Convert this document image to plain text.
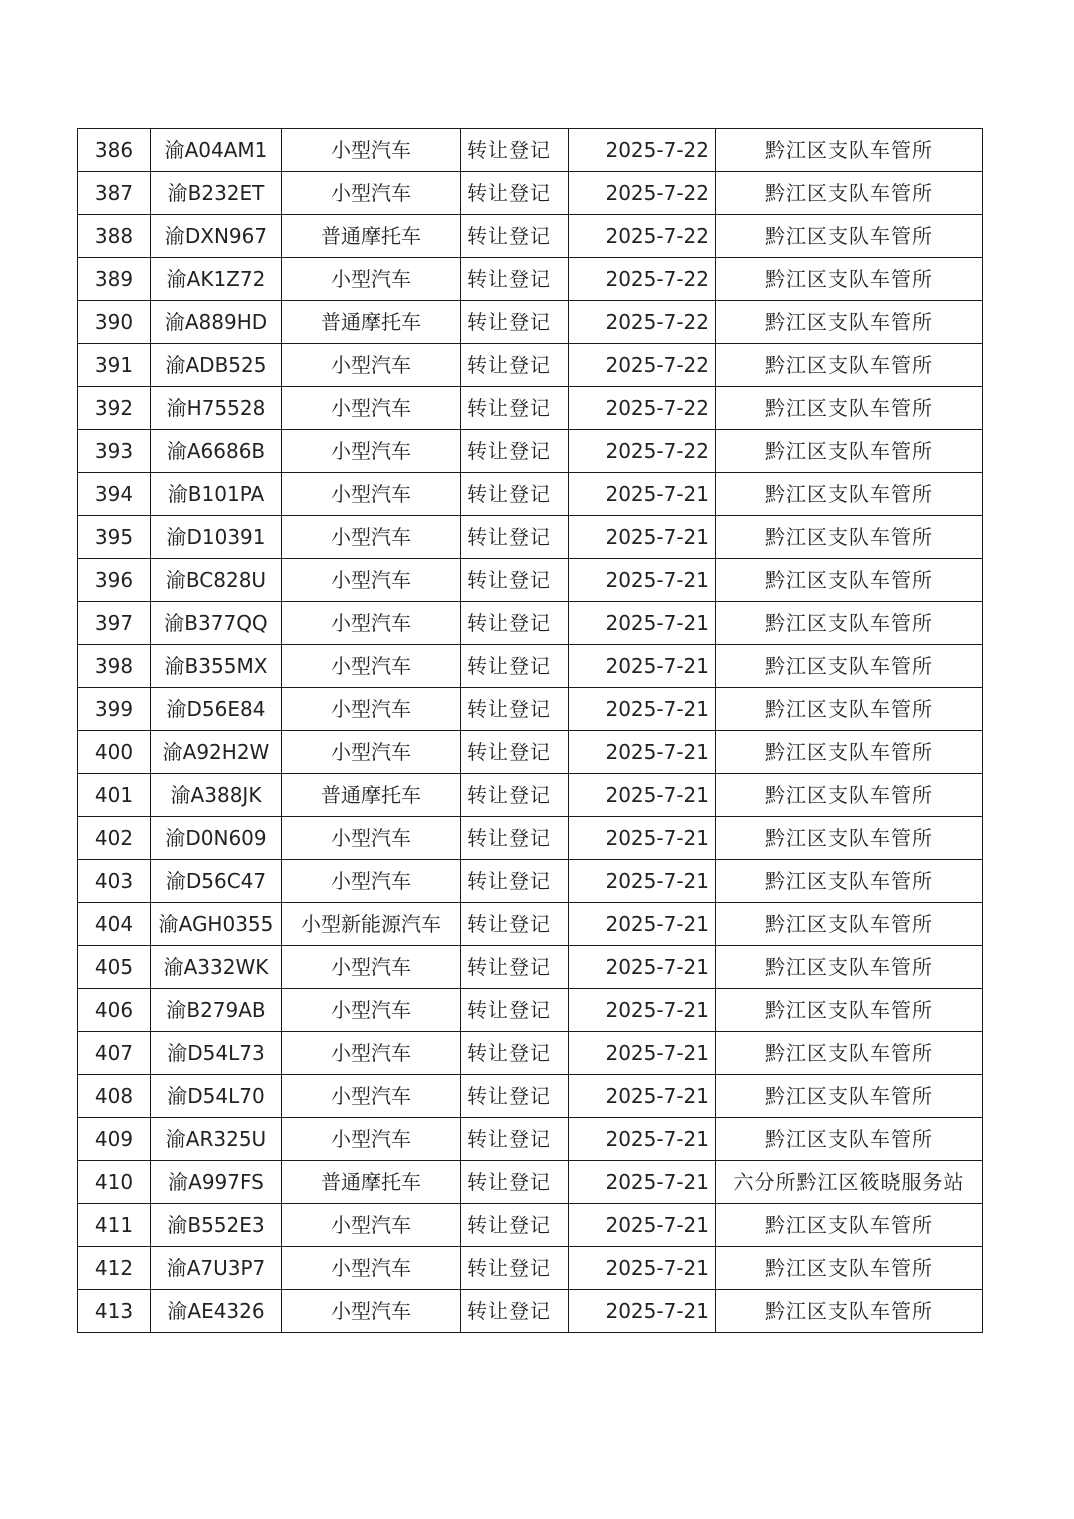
386	渝A04AM1	小型汽车	转让登记	2025-7-22	黔江区支队车管所
387	渝B232ET	小型汽车	转让登记	2025-7-22	黔江区支队车管所
388	渝DXN967	普通摩托车	转让登记	2025-7-22	黔江区支队车管所
389	渝AK1Z72	小型汽车	转让登记	2025-7-22	黔江区支队车管所
390	渝A889HD	普通摩托车	转让登记	2025-7-22	黔江区支队车管所
391	渝ADB525	小型汽车	转让登记	2025-7-22	黔江区支队车管所
392	渝H75528	小型汽车	转让登记	2025-7-22	黔江区支队车管所
393	渝A6686B	小型汽车	转让登记	2025-7-22	黔江区支队车管所
394	渝B101PA	小型汽车	转让登记	2025-7-21	黔江区支队车管所
395	渝D10391	小型汽车	转让登记	2025-7-21	黔江区支队车管所
396	渝BC828U	小型汽车	转让登记	2025-7-21	黔江区支队车管所
397	渝B377QQ	小型汽车	转让登记	2025-7-21	黔江区支队车管所
398	渝B355MX	小型汽车	转让登记	2025-7-21	黔江区支队车管所
399	渝D56E84	小型汽车	转让登记	2025-7-21	黔江区支队车管所
400	渝A92H2W	小型汽车	转让登记	2025-7-21	黔江区支队车管所
401	渝A388JK	普通摩托车	转让登记	2025-7-21	黔江区支队车管所
402	渝D0N609	小型汽车	转让登记	2025-7-21	黔江区支队车管所
403	渝D56C47	小型汽车	转让登记	2025-7-21	黔江区支队车管所
404	渝AGH0355	小型新能源汽车	转让登记	2025-7-21	黔江区支队车管所
405	渝A332WK	小型汽车	转让登记	2025-7-21	黔江区支队车管所
406	渝B279AB	小型汽车	转让登记	2025-7-21	黔江区支队车管所
407	渝D54L73	小型汽车	转让登记	2025-7-21	黔江区支队车管所
408	渝D54L70	小型汽车	转让登记	2025-7-21	黔江区支队车管所
409	渝AR325U	小型汽车	转让登记	2025-7-21	黔江区支队车管所
410	渝A997FS	普通摩托车	转让登记	2025-7-21	六分所黔江区筱晓服务站
411	渝B552E3	小型汽车	转让登记	2025-7-21	黔江区支队车管所
412	渝A7U3P7	小型汽车	转让登记	2025-7-21	黔江区支队车管所
413	渝AE4326	小型汽车	转让登记	2025-7-21	黔江区支队车管所
